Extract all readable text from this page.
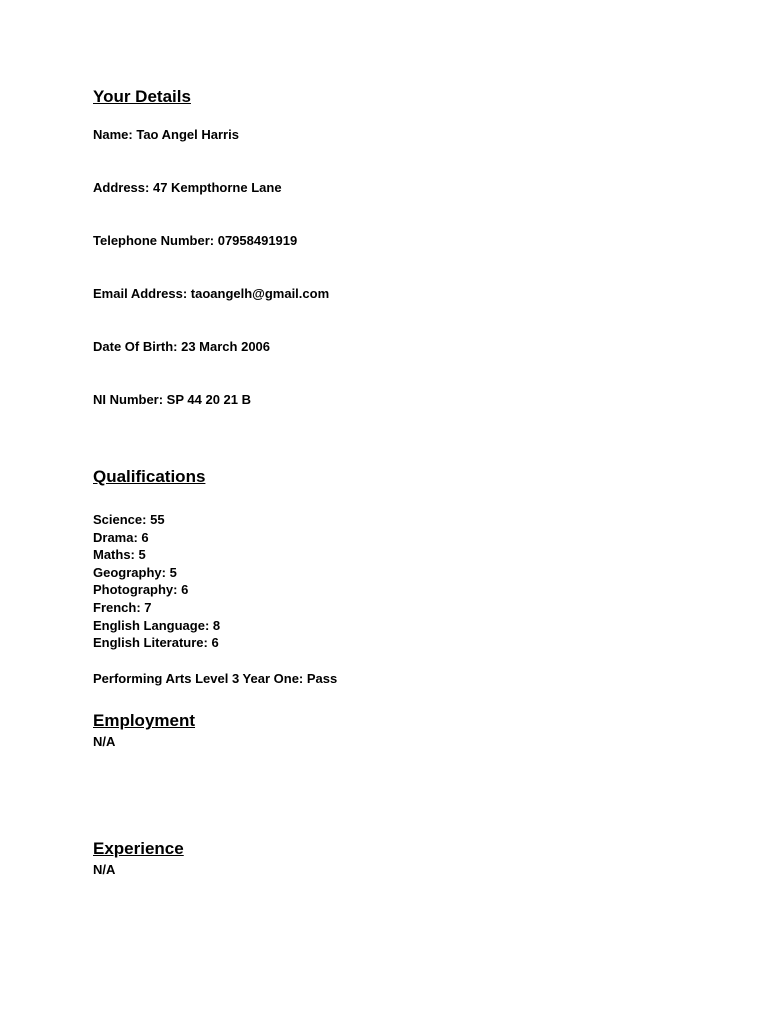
Your Details
Name: Tao Angel Harris
Address: 47 Kempthorne Lane
Telephone Number: 07958491919
Email Address: taoangelh@gmail.com
Date Of Birth: 23 March 2006
NI Number: SP 44 20 21 B
Qualifications
Science: 55
Drama: 6
Maths: 5
Geography: 5
Photography: 6
French: 7
English Language: 8
English Literature: 6
Performing Arts Level 3 Year One: Pass
Employment
N/A
Experience
N/A
